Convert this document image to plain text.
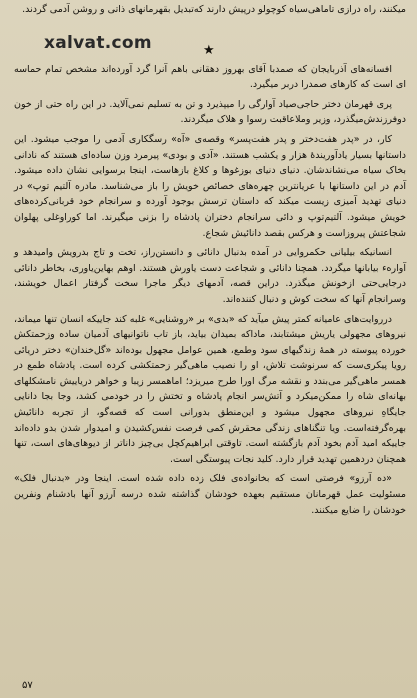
xalvat.com	★

میکنند، راه درازی تاماهی‌سیاه کوچولو درپیش دارند که‌تبدیل بقهرمانهای ذاتی و روشن آدمی گردند.

افسانه‌های آذربایجان که صمدبا آقای بهروز دهقانی باهم آنرا گرد آورده‌اند مشخص تمام حماسه ای است که کارهای صمدرا دربر میگیرد.

پری قهرمان دختر حاجی‌صیاد آوارگی را میپذیرد و تن به تسلیم نمی‌آلاید. در این راه حتی از خون دوفرزندش‌میگذرد، وزیر وملاعاقبت رسوا و هلاک میگردند.

کار، در «پدر هفت‌دختر و پدر هفت‌پسر» وقصه‌ی «آه» رسگکاری آدمی را موجب میشود. این داستانها بسیار یادآوریندۀ هزار و یکشب هستند. «آدی و بودی» پیرمرد وزن ساده‌ای هستند که نادانی بخاک سیاه می‌نشاندشان. دنیای دنیای بوزغوها و کلاغ بازهاست، اینجا برسوایی نشان داده میشود. آدم در این داستانها با عریانترین چهره‌های خصائص خویش را باز می‌شناسد. مادره آلتیم توپ» در دنیای تهدید آمیزی زیست میکند که داستان ترسش بوجود آورده و سرانجام خود قربانی‌کرده‌های خویش میشود. آلتیم‌توپ و دائی سرانجام دختران پادشاه را بزنی میگیرند. اما کوراوغلی پهلوان شجاعتش پیروزاست و هرکس بقصد دانائیش شجاع.

انسانیکه بیلیانی حکمروایی در آمده بدنبال دانائی و دانستن‌راز، تخت و تاج بدرویش وامیدهد و آوارهء بیابانها میگردد. همچنا دانائی و شجاعت دست یاورش هستند. اوهم بهاین‌یاوری، بخاطر دانائی درجایی‌حتی ازخونش میگذرد. دراین قصه، آدمهای دیگر ماجرا سخت گرفتار اعمال خویشند، وسرانجام آنها که سخت کوش و دنبال کننده‌اند.

درروایت‌های عامیانه کمتر پیش میآید که «بدی» بر «روشنایی» غلبه کند جاییکه انسان تنها میماند، نیروهای مجهولی یاریش میشتابند، ماداکه بمیدان بیاید، باز تاب ناتوانیهای آدمیان ساده وزحمتکش خورده پیوسته در همهٔ زندگیهای سود وطمع، همین عوامل مجهول بوده‌اند «گل‌خندان» دختر دریائی رویا پیکری‌ست که سرنوشت تلاش، او را نصیب ماهی‌گیر زحمتکشی کرده است. پادشاه طمع در همسر ماهی‌گیر می‌بندد و نقشه مرگ اورا طرح میریزد؛ اماهمسر زیبا و خواهر دریاییش نامشکلهای بهانه‌ای شاه را ممکن‌میکرد و آتش‌سر انجام پادشاه و تختش را در خودمی کشد، وجا بجا دانایی جایگاهِ نیروهای مجهول میشود و این‌منطق بدورانی است که قصه‌گو، از تجربه دانائیش بهره‌گرفته‌است. ویا تنگناهای زندگی محقرش کمی فرصت نفس‌کشیدن و امیدوار شدن بدو داده‌اند جاییکه امید آدم بخود آدم بازگشته است. تاوقتی ابراهیم‌کچل بی‌چیز داناتر از دیوهای‌های است، تنها همچنان دردهمین تهدید قرار دارد. کلید نجات پیوستگی است.

«ده آرزو» فرصتی است که بخانواده‌ی فلک زده داده شده است. اینجا ودر «بدنبال فلک» مسئولیت عمل قهرمانان مستقیم بعهده خودشان گذاشته شده درسه آرزو آنها بادشنام ونفرین خودشان را ضایع میکنند.

۵۷
